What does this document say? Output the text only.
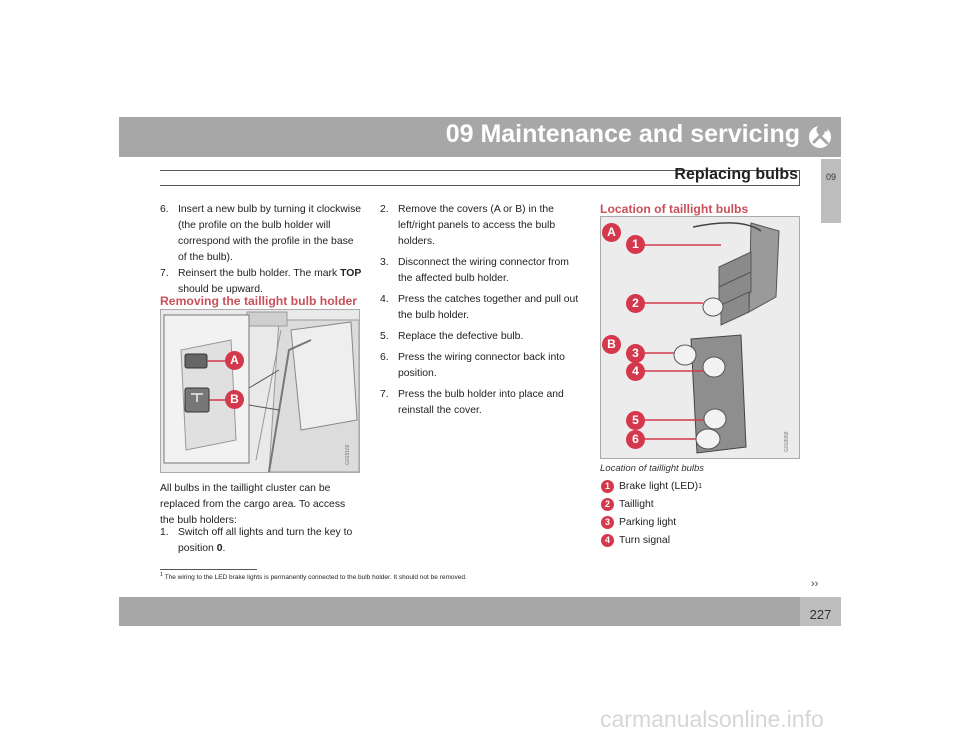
09 Maintenance and servicing
Replacing bulbs	09
6. Insert a new bulb by turning it clockwise (the profile on the bulb holder will correspond with the profile in the base of the bulb).
7. Reinsert the bulb holder. The mark TOP should be upward.
Removing the taillight bulb holder
A
B
G019166
All bulbs in the taillight cluster can be replaced from the cargo area. To access the bulb holders:
1. Switch off all lights and turn the key to position 0.
2. Remove the covers (A or B) in the left/right panels to access the bulb holders.
3. Disconnect the wiring connector from the affected bulb holder.
4. Press the catches together and pull out the bulb holder.
5. Replace the defective bulb.
6. Press the wiring connector back into position.
7. Press the bulb holder into place and reinstall the cover.
Location of taillight bulbs
A
B
1
2
3
4
5
6	G018058
Location of taillight bulbs
1 Brake light (LED) 1
2 Taillight
3 Parking light
4 Turn signal
$^1$ The wiring to the LED brake lights is permanently connected to the bulb holder. It should not be removed.
››
227
carmanualsonline.info
